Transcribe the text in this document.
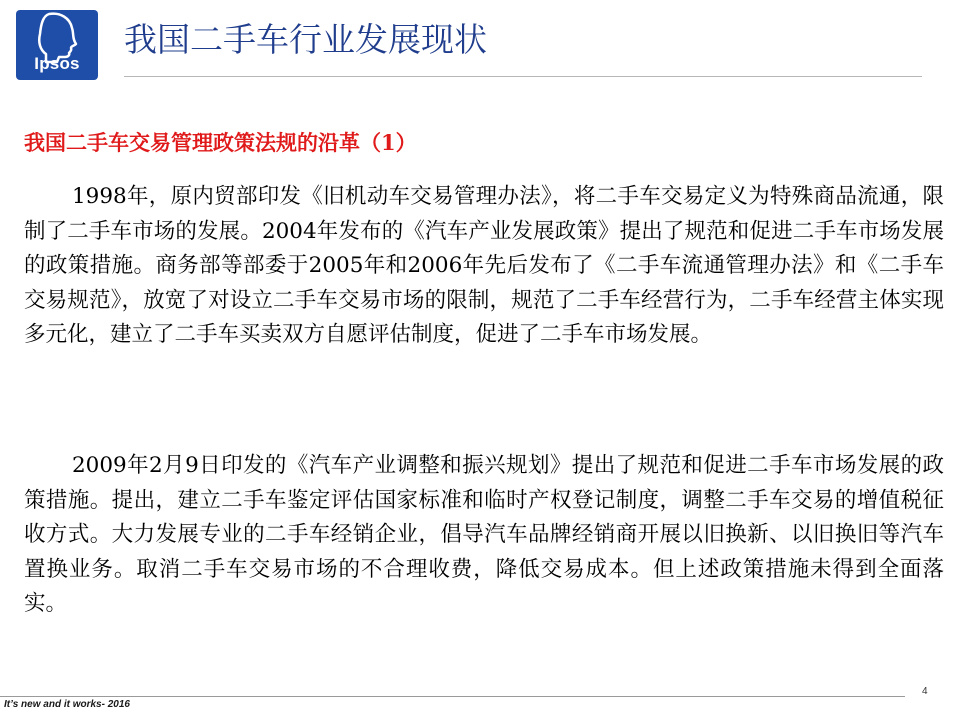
Ipsos
我国二手车行业发展现状
我国二手车交易管理政策法规的沿革（1）

1998年，原内贸部印发《旧机动车交易管理办法》，将二手车交易定义为特殊商品流通，限制了二手车市场的发展。2004年发布的《汽车产业发展政策》提出了规范和促进二手车市场发展的政策措施。商务部等部委于2005年和2006年先后发布了《二手车流通管理办法》和《二手车交易规范》，放宽了对设立二手车交易市场的限制，规范了二手车经营行为，二手车经营主体实现多元化，建立了二手车买卖双方自愿评估制度，促进了二手车市场发展。

2009年2月9日印发的《汽车产业调整和振兴规划》提出了规范和促进二手车市场发展的政策措施。提出，建立二手车鉴定评估国家标准和临时产权登记制度，调整二手车交易的增值税征收方式。大力发展专业的二手车经销企业，倡导汽车品牌经销商开展以旧换新、以旧换旧等汽车置换业务。取消二手车交易市场的不合理收费，降低交易成本。但上述政策措施未得到全面落实。

It’s new and it works- 2016
4
